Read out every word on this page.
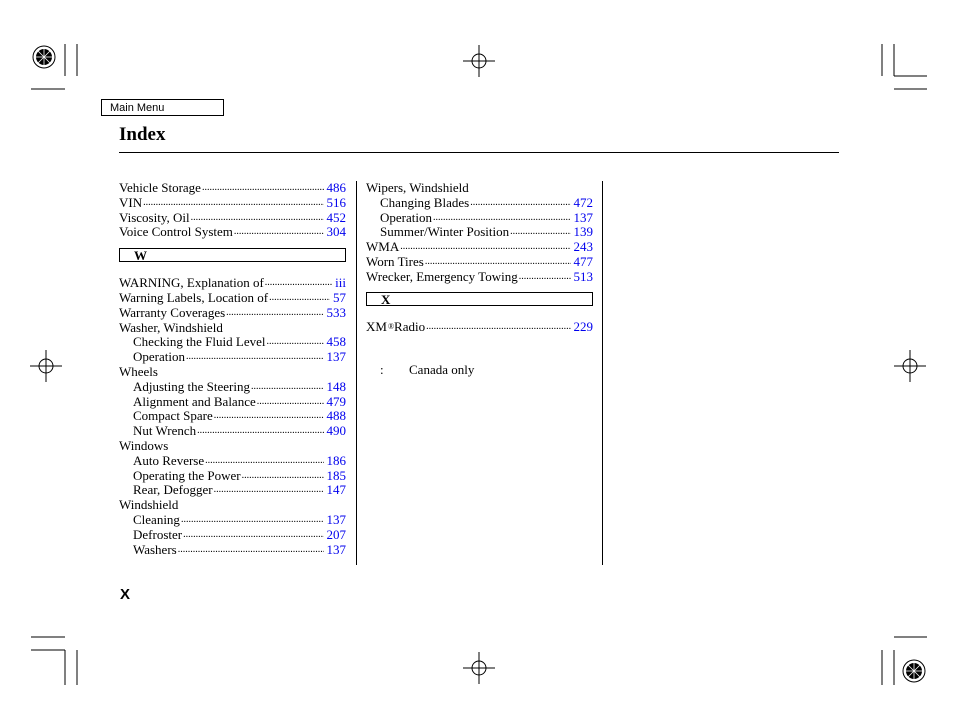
Main Menu
Index
Vehicle Storage .....	486
VIN .....	516
Viscosity, Oil .....	452
Voice Control System .....	304
W
WARNING, Explanation of .....	iii
Warning Labels, Location of .....	57
Warranty Coverages .....	533
Washer, Windshield
Checking the Fluid Level .....	458
Operation .....	137
Wheels
Adjusting the Steering .....	148
Alignment and Balance .....	479
Compact Spare .....	488
Nut Wrench .....	490
Windows
Auto Reverse .....	186
Operating the Power .....	185
Rear, Defogger .....	147
Windshield
Cleaning .....	137
Defroster .....	207
Washers .....	137
Wipers, Windshield
Changing Blades .....	472
Operation .....	137
Summer/Winter Position .....	139
WMA .....	243
Worn Tires .....	477
Wrecker, Emergency Towing .....	513
X
XM ® Radio .....	229
: Canada only
X
